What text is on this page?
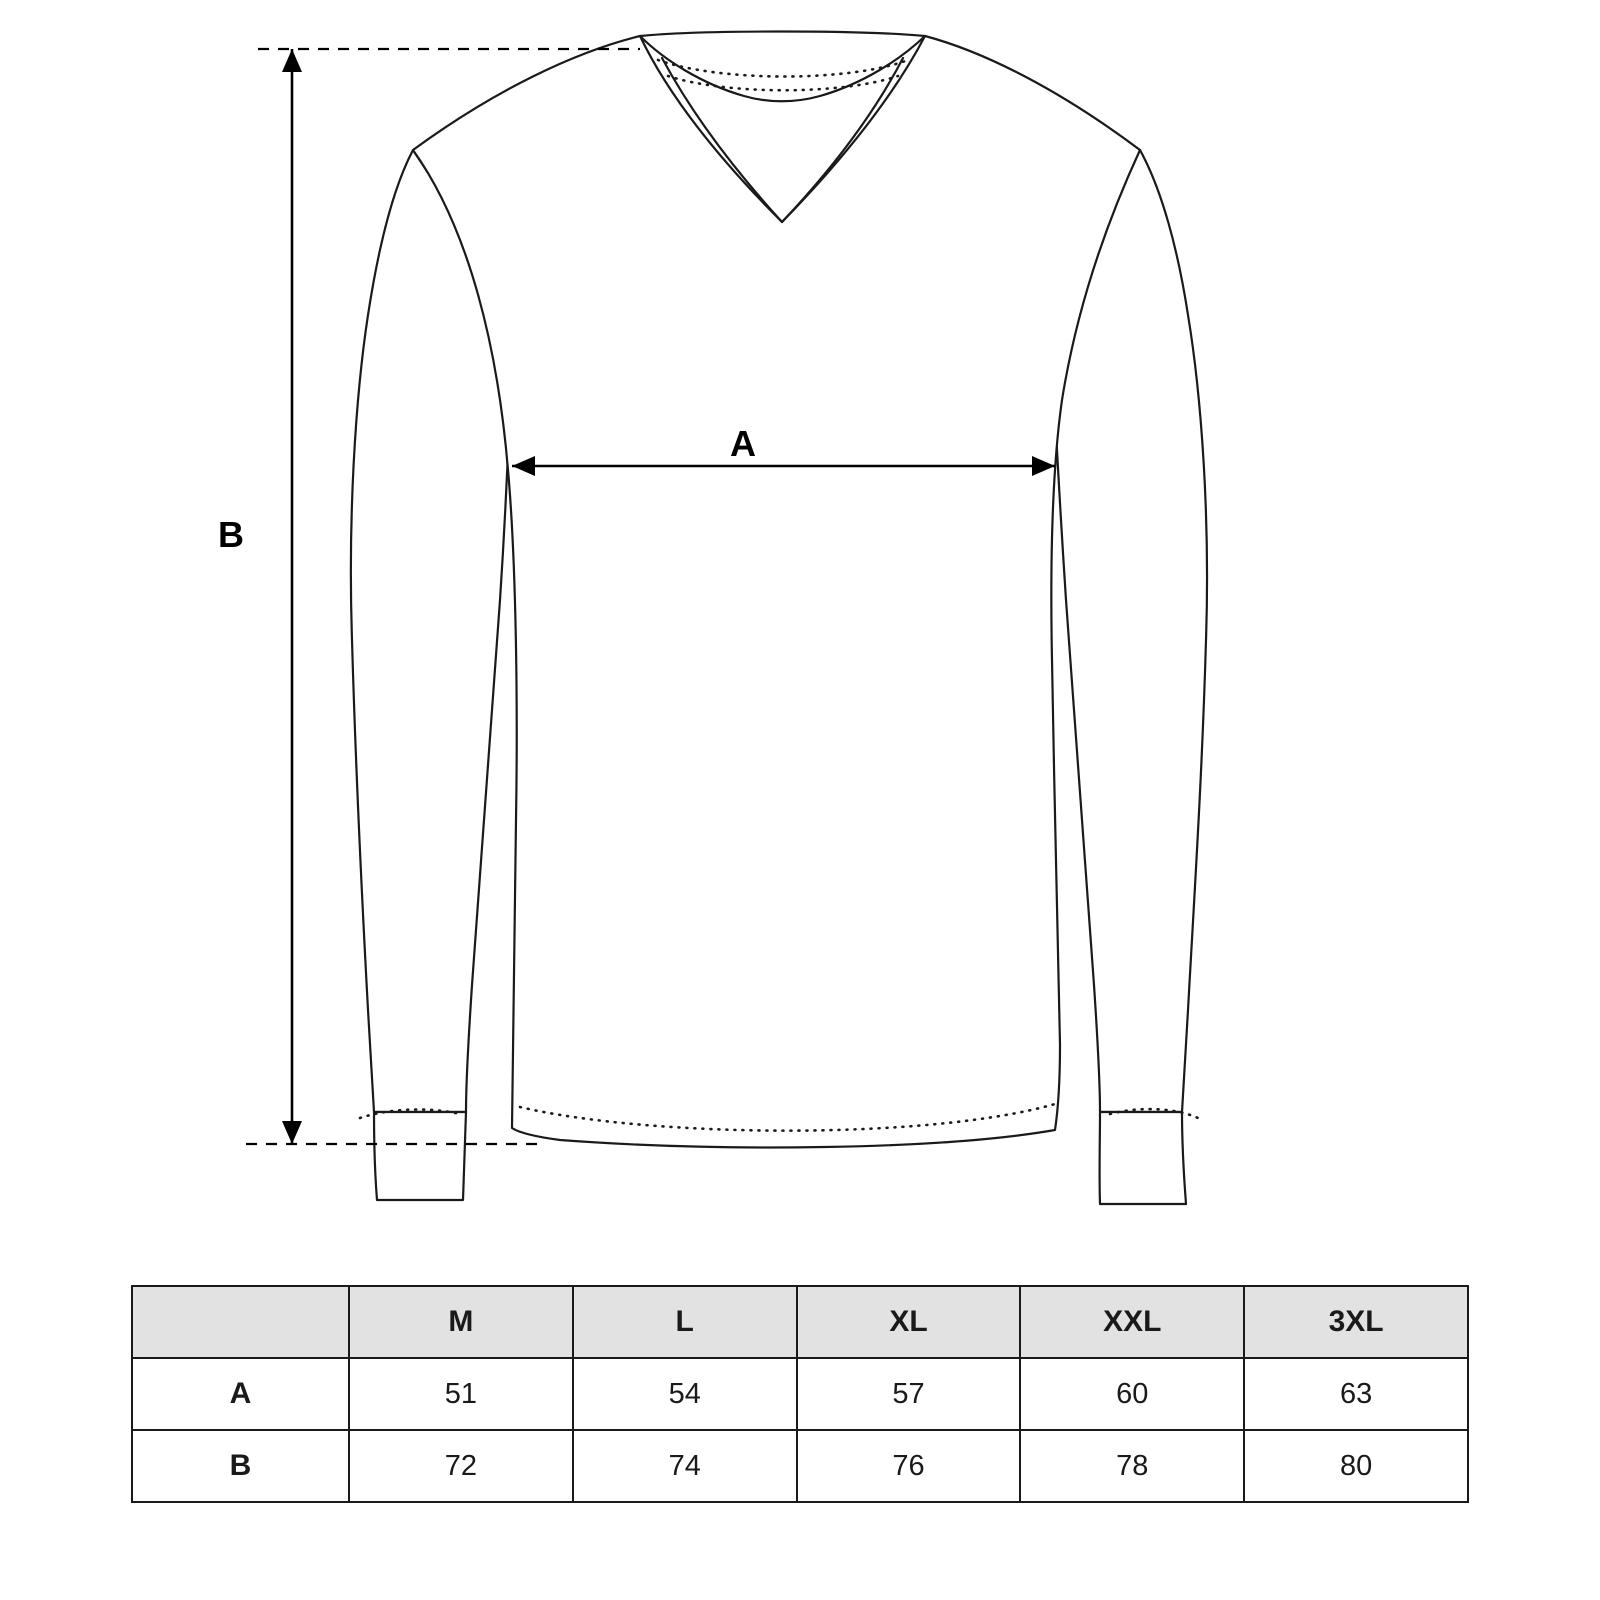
A
B
	M	L	XL	XXL	3XL
A	51	54	57	60	63
B	72	74	76	78	80
